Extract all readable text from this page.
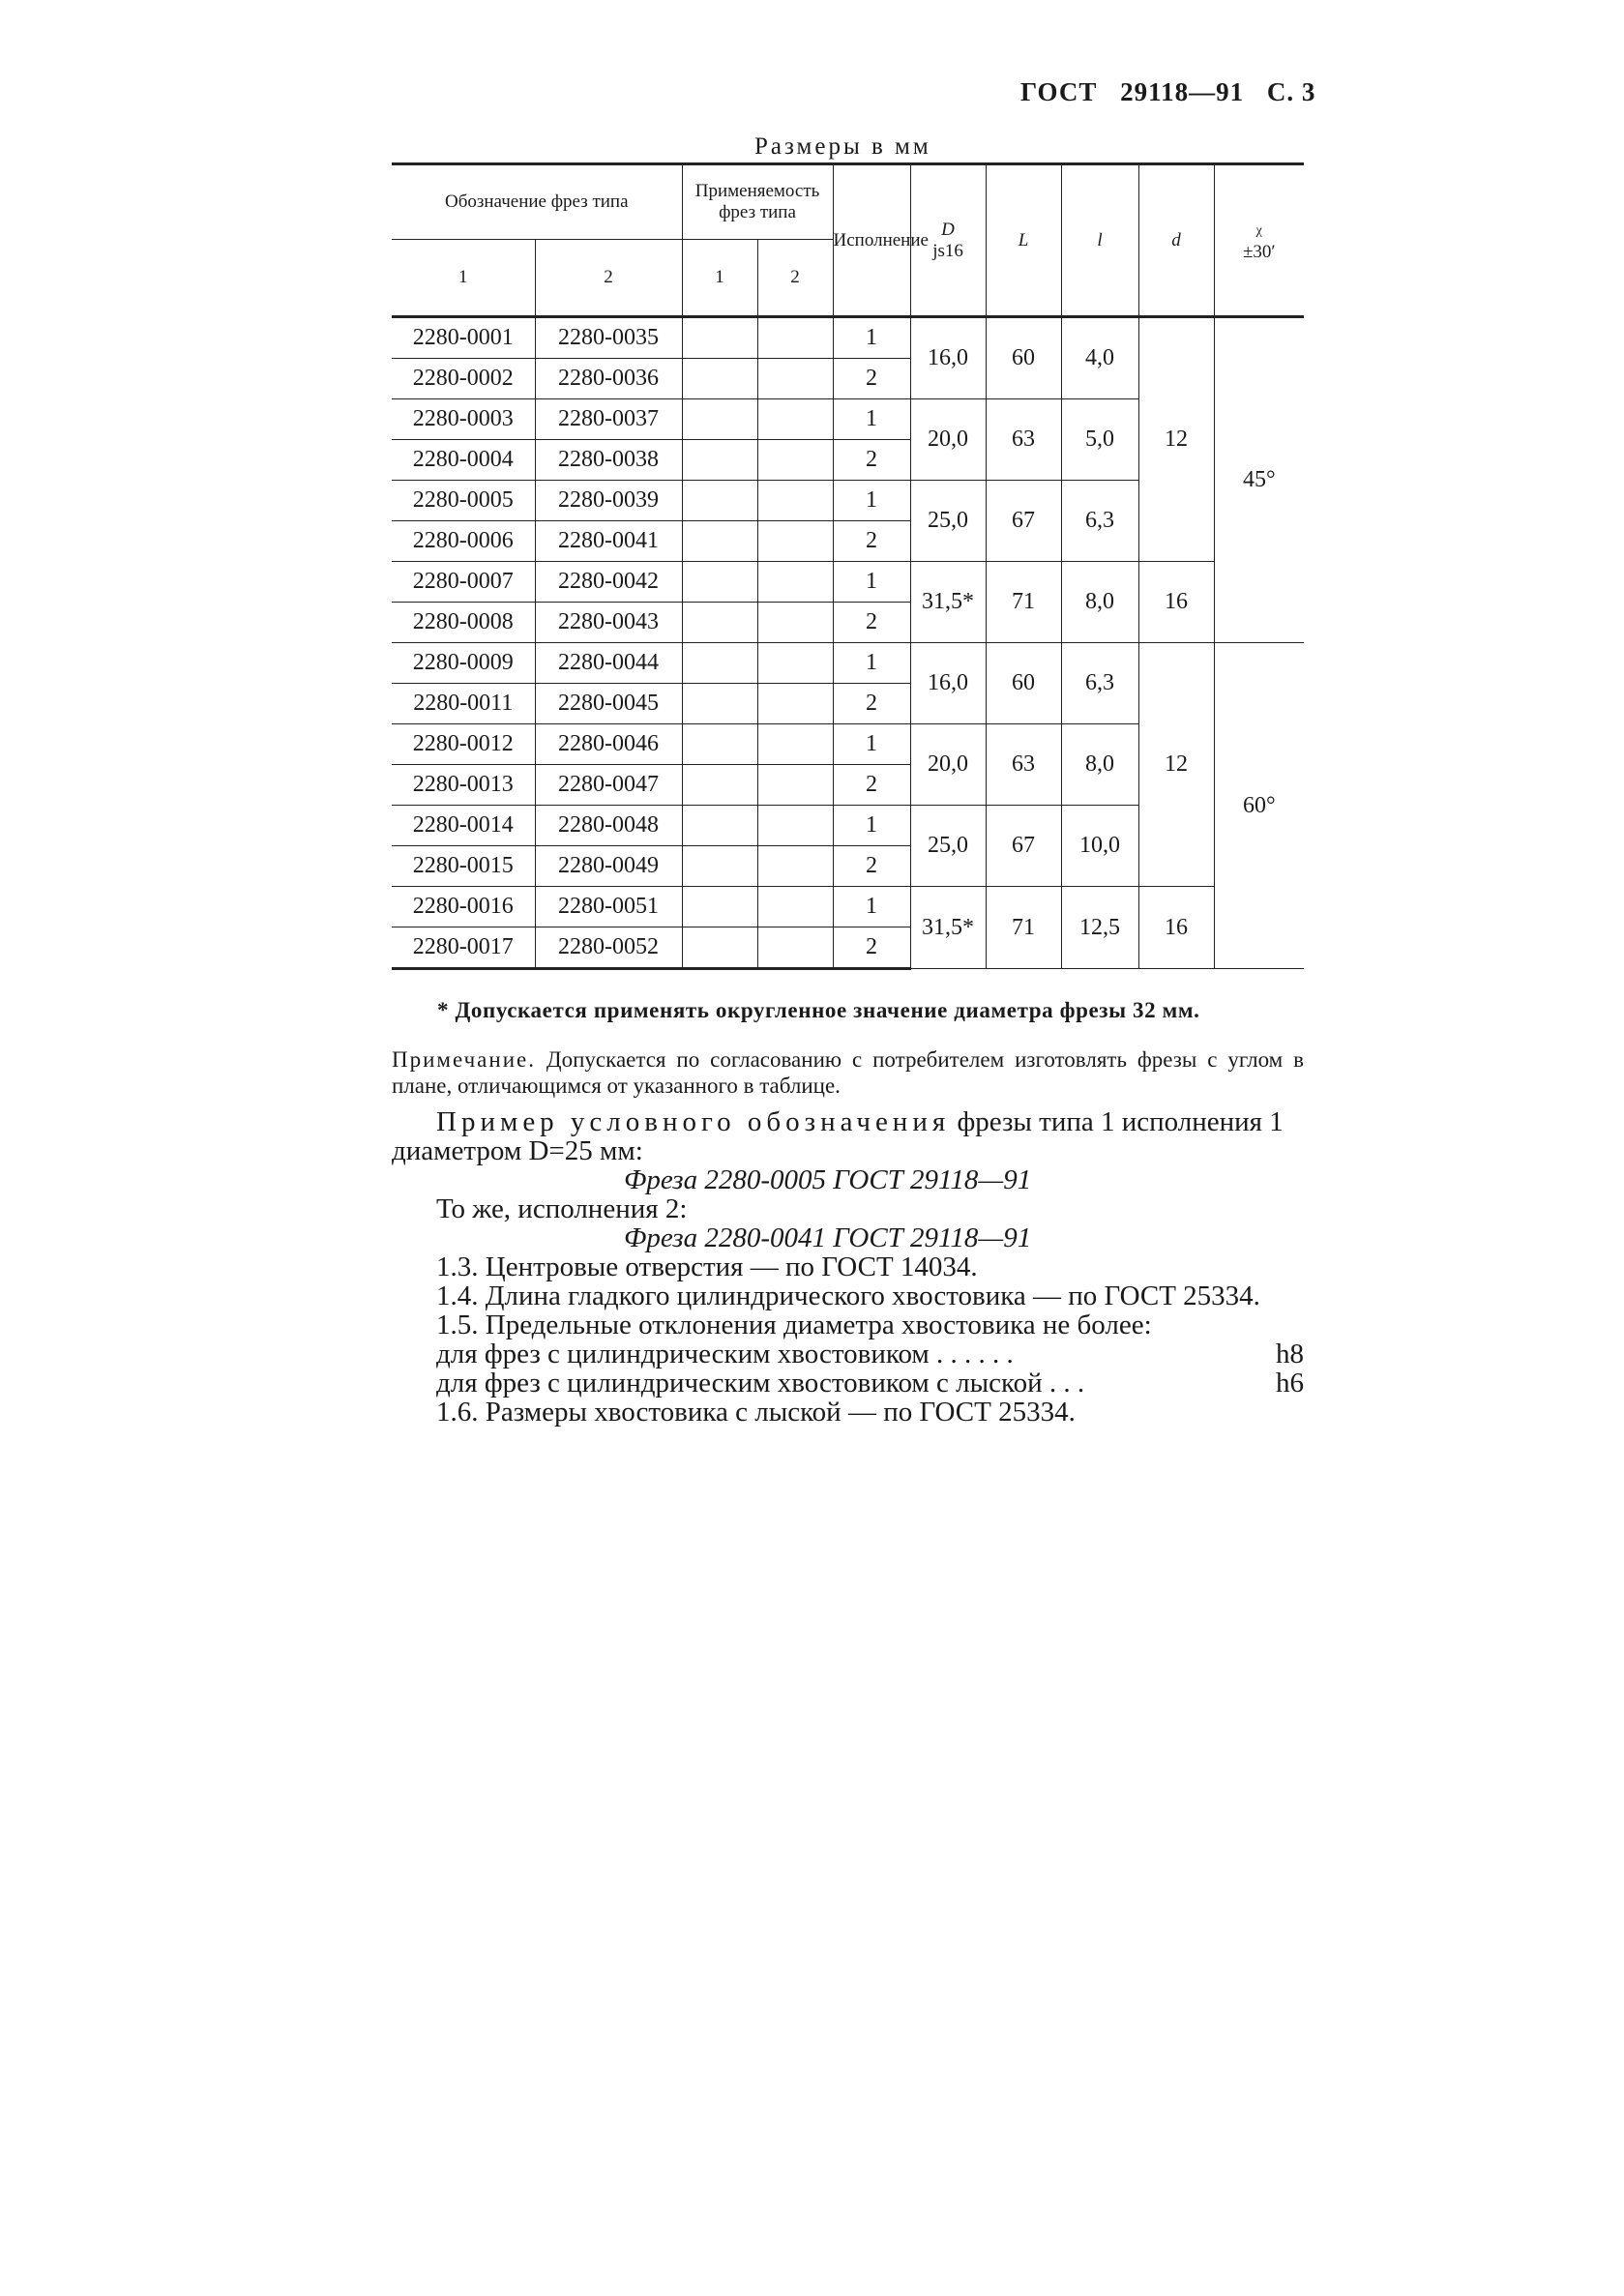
ГОСТ 29118—91 С. 3
Размеры в мм
Обозначение фрез типа		Применяемость фрез типа		Исполнение	D
js16	L	l	d	χ
±30′
1	2	1	2						
2280-0001	2280-0035			1	16,0	60	4,0	12	45°
2280-0002	2280-0036			2					
2280-0003	2280-0037			1	20,0	63	5,0		
2280-0004	2280-0038			2					
2280-0005	2280-0039			1	25,0	67	6,3		
2280-0006	2280-0041			2					
2280-0007	2280-0042			1	31,5*	71	8,0	16	
2280-0008	2280-0043			2					
2280-0009	2280-0044			1	16,0	60	6,3	12	60°
2280-0011	2280-0045			2					
2280-0012	2280-0046			1	20,0	63	8,0		
2280-0013	2280-0047			2					
2280-0014	2280-0048			1	25,0	67	10,0		
2280-0015	2280-0049			2					
2280-0016	2280-0051			1	31,5*	71	12,5	16	
2280-0017	2280-0052			2					
* Допускается применять округленное значение диаметра фрезы 32 мм.
Примечание. Допускается по согласованию с потребителем изготовлять фрезы с углом в плане, отличающимся от указанного в таблице.

Пример условного обозначения фрезы типа 1 исполнения 1 диаметром D=25 мм:

Фреза 2280-0005 ГОСТ 29118—91

То же, исполнения 2:

Фреза 2280-0041 ГОСТ 29118—91

1.3. Центровые отверстия — по ГОСТ 14034.

1.4. Длина гладкого цилиндрического хвостовика — по ГОСТ 25334.

1.5. Предельные отклонения диаметра хвостовика не более:

для фрез с цилиндрическим хвостовиком . . . . . .	h8
для фрез с цилиндрическим хвостовиком с лыской . . .	h6

1.6. Размеры хвостовика с лыской — по ГОСТ 25334.
